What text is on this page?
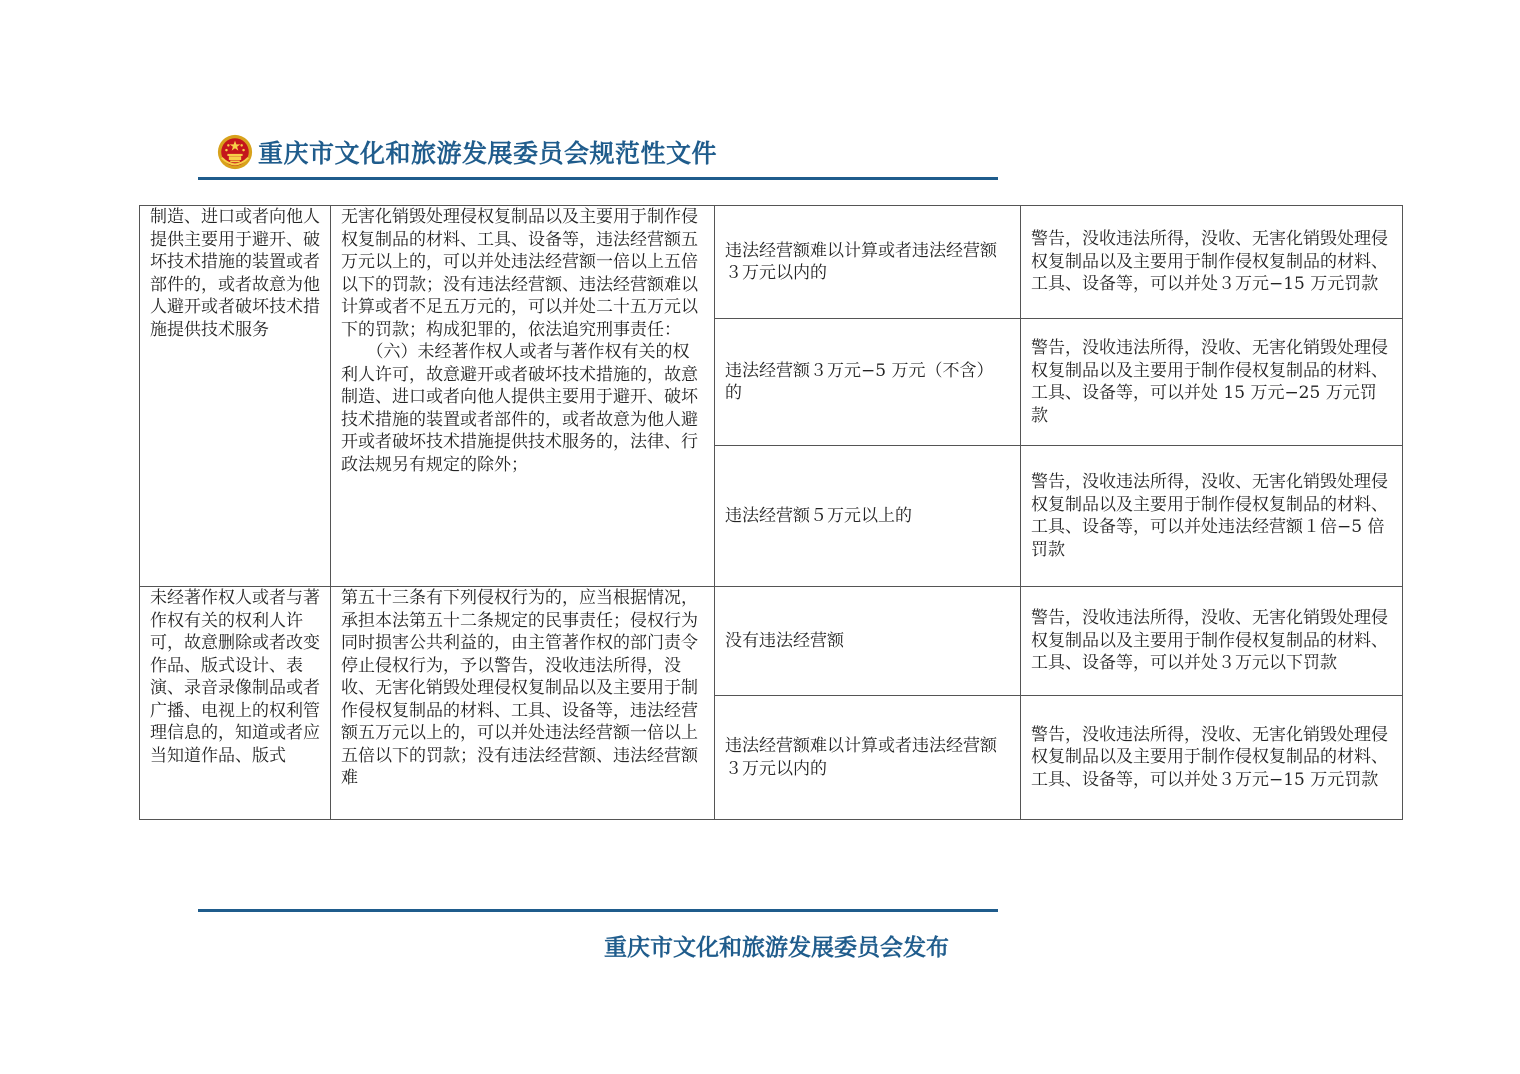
重庆市文化和旅游发展委员会规范性文件
制造、进口或者向他人提供主要用于避开、破坏技术措施的装置或者部件的，或者故意为他人避开或者破坏技术措施提供技术服务	无害化销毁处理侵权复制品以及主要用于制作侵权复制品的材料、工具、设备等，违法经营额五万元以上的，可以并处违法经营额一倍以上五倍以下的罚款；没有违法经营额、违法经营额难以计算或者不足五万元的，可以并处二十五万元以下的罚款；构成犯罪的，依法追究刑事责任：
　　（六）未经著作权人或者与著作权有关的权利人许可，故意避开或者破坏技术措施的，故意制造、进口或者向他人提供主要用于避开、破坏技术措施的装置或者部件的，或者故意为他人避开或者破坏技术措施提供技术服务的，法律、行政法规另有规定的除外；	违法经营额难以计算或者违法经营额３万元以内的	警告，没收违法所得，没收、无害化销毁处理侵权复制品以及主要用于制作侵权复制品的材料、工具、设备等，可以并处３万元−15 万元罚款
		违法经营额３万元−5 万元（不含）的	警告，没收违法所得，没收、无害化销毁处理侵权复制品以及主要用于制作侵权复制品的材料、工具、设备等，可以并处 15 万元−25 万元罚款
		违法经营额５万元以上的	警告，没收违法所得，没收、无害化销毁处理侵权复制品以及主要用于制作侵权复制品的材料、工具、设备等，可以并处违法经营额１倍−5 倍罚款
未经著作权人或者与著作权有关的权利人许可，故意删除或者改变作品、版式设计、表演、录音录像制品或者广播、电视上的权利管理信息的，知道或者应当知道作品、版式	第五十三条有下列侵权行为的，应当根据情况，承担本法第五十二条规定的民事责任；侵权行为同时损害公共利益的，由主管著作权的部门责令停止侵权行为，予以警告，没收违法所得，没收、无害化销毁处理侵权复制品以及主要用于制作侵权复制品的材料、工具、设备等，违法经营额五万元以上的，可以并处违法经营额一倍以上五倍以下的罚款；没有违法经营额、违法经营额难	没有违法经营额	警告，没收违法所得，没收、无害化销毁处理侵权复制品以及主要用于制作侵权复制品的材料、工具、设备等，可以并处３万元以下罚款
		违法经营额难以计算或者违法经营额３万元以内的	警告，没收违法所得，没收、无害化销毁处理侵权复制品以及主要用于制作侵权复制品的材料、工具、设备等，可以并处３万元−15 万元罚款
重庆市文化和旅游发展委员会发布
